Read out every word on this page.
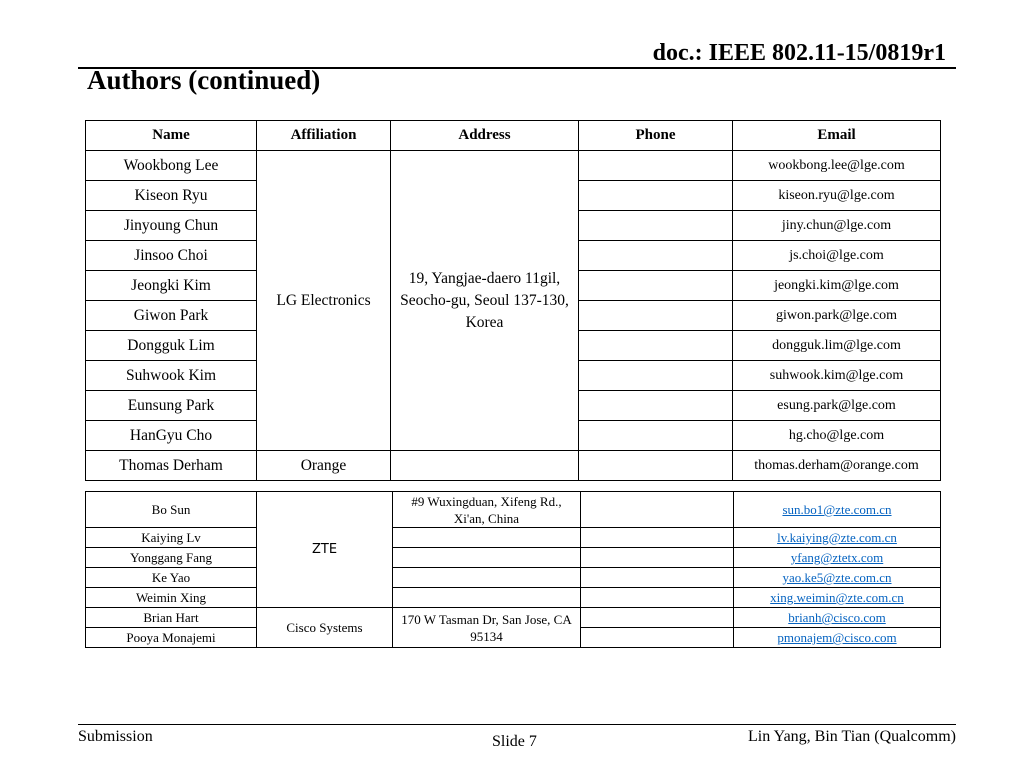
doc.: IEEE 802.11-15/0819r1
Authors (continued)
Name	Affiliation	Address	Phone	Email
Wookbong Lee	LG Electronics	19, Yangjae-daero 11gil, Seocho-gu, Seoul 137-130, Korea		wookbong.lee@lge.com
Kiseon Ryu				kiseon.ryu@lge.com
Jinyoung Chun				jiny.chun@lge.com
Jinsoo Choi				js.choi@lge.com
Jeongki Kim				jeongki.kim@lge.com
Giwon Park				giwon.park@lge.com
Dongguk Lim				dongguk.lim@lge.com
Suhwook Kim				suhwook.kim@lge.com
Eunsung Park				esung.park@lge.com
HanGyu Cho				hg.cho@lge.com
Thomas Derham	Orange			thomas.derham@orange.com
Bo Sun	ZTE	#9 Wuxingduan, Xifeng Rd., Xi'an, China		sun.bo1@zte.com.cn
Kaiying Lv				lv.kaiying@zte.com.cn
Yonggang Fang				yfang@ztetx.com
Ke Yao				yao.ke5@zte.com.cn
Weimin Xing				xing.weimin@zte.com.cn
Brian Hart	Cisco Systems	170 W Tasman Dr, San Jose, CA 95134		brianh@cisco.com
Pooya Monajemi				pmonajem@cisco.com
Submission	Slide 7	Lin Yang, Bin Tian (Qualcomm)
